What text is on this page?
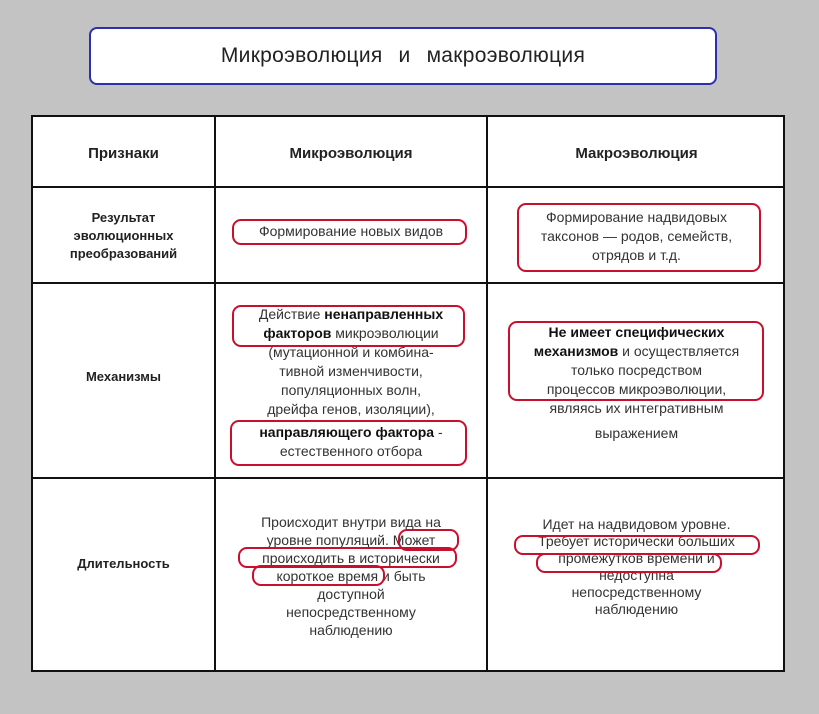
Микроэволюция и макроэволюция
Признаки	Микроэволюция	Макроэволюция
Результат
эволюционных
преобразований
Формирование новых видов
Формирование надвидовых
таксонов — родов, семейств,
отрядов и т.д.
Механизмы
Действие ненаправленных
факторов микроэволюции
(мутационной и комбина-
тивной изменчивости,
популяционных волн,
дрейфа генов, изоляции),
направляющего фактора -
естественного отбора
Не имеет специфических
механизмов и осуществляется
только посредством
процессов микроэволюции,
являясь их интегративным
выражением
Длительность
Происходит внутри вида на
уровне популяций. Может
происходить в исторически
короткое время и быть
доступной
непосредственному
наблюдению
Идет на надвидовом уровне.
Требует исторически больших
промежутков времени и
недоступна
непосредственному
наблюдению
